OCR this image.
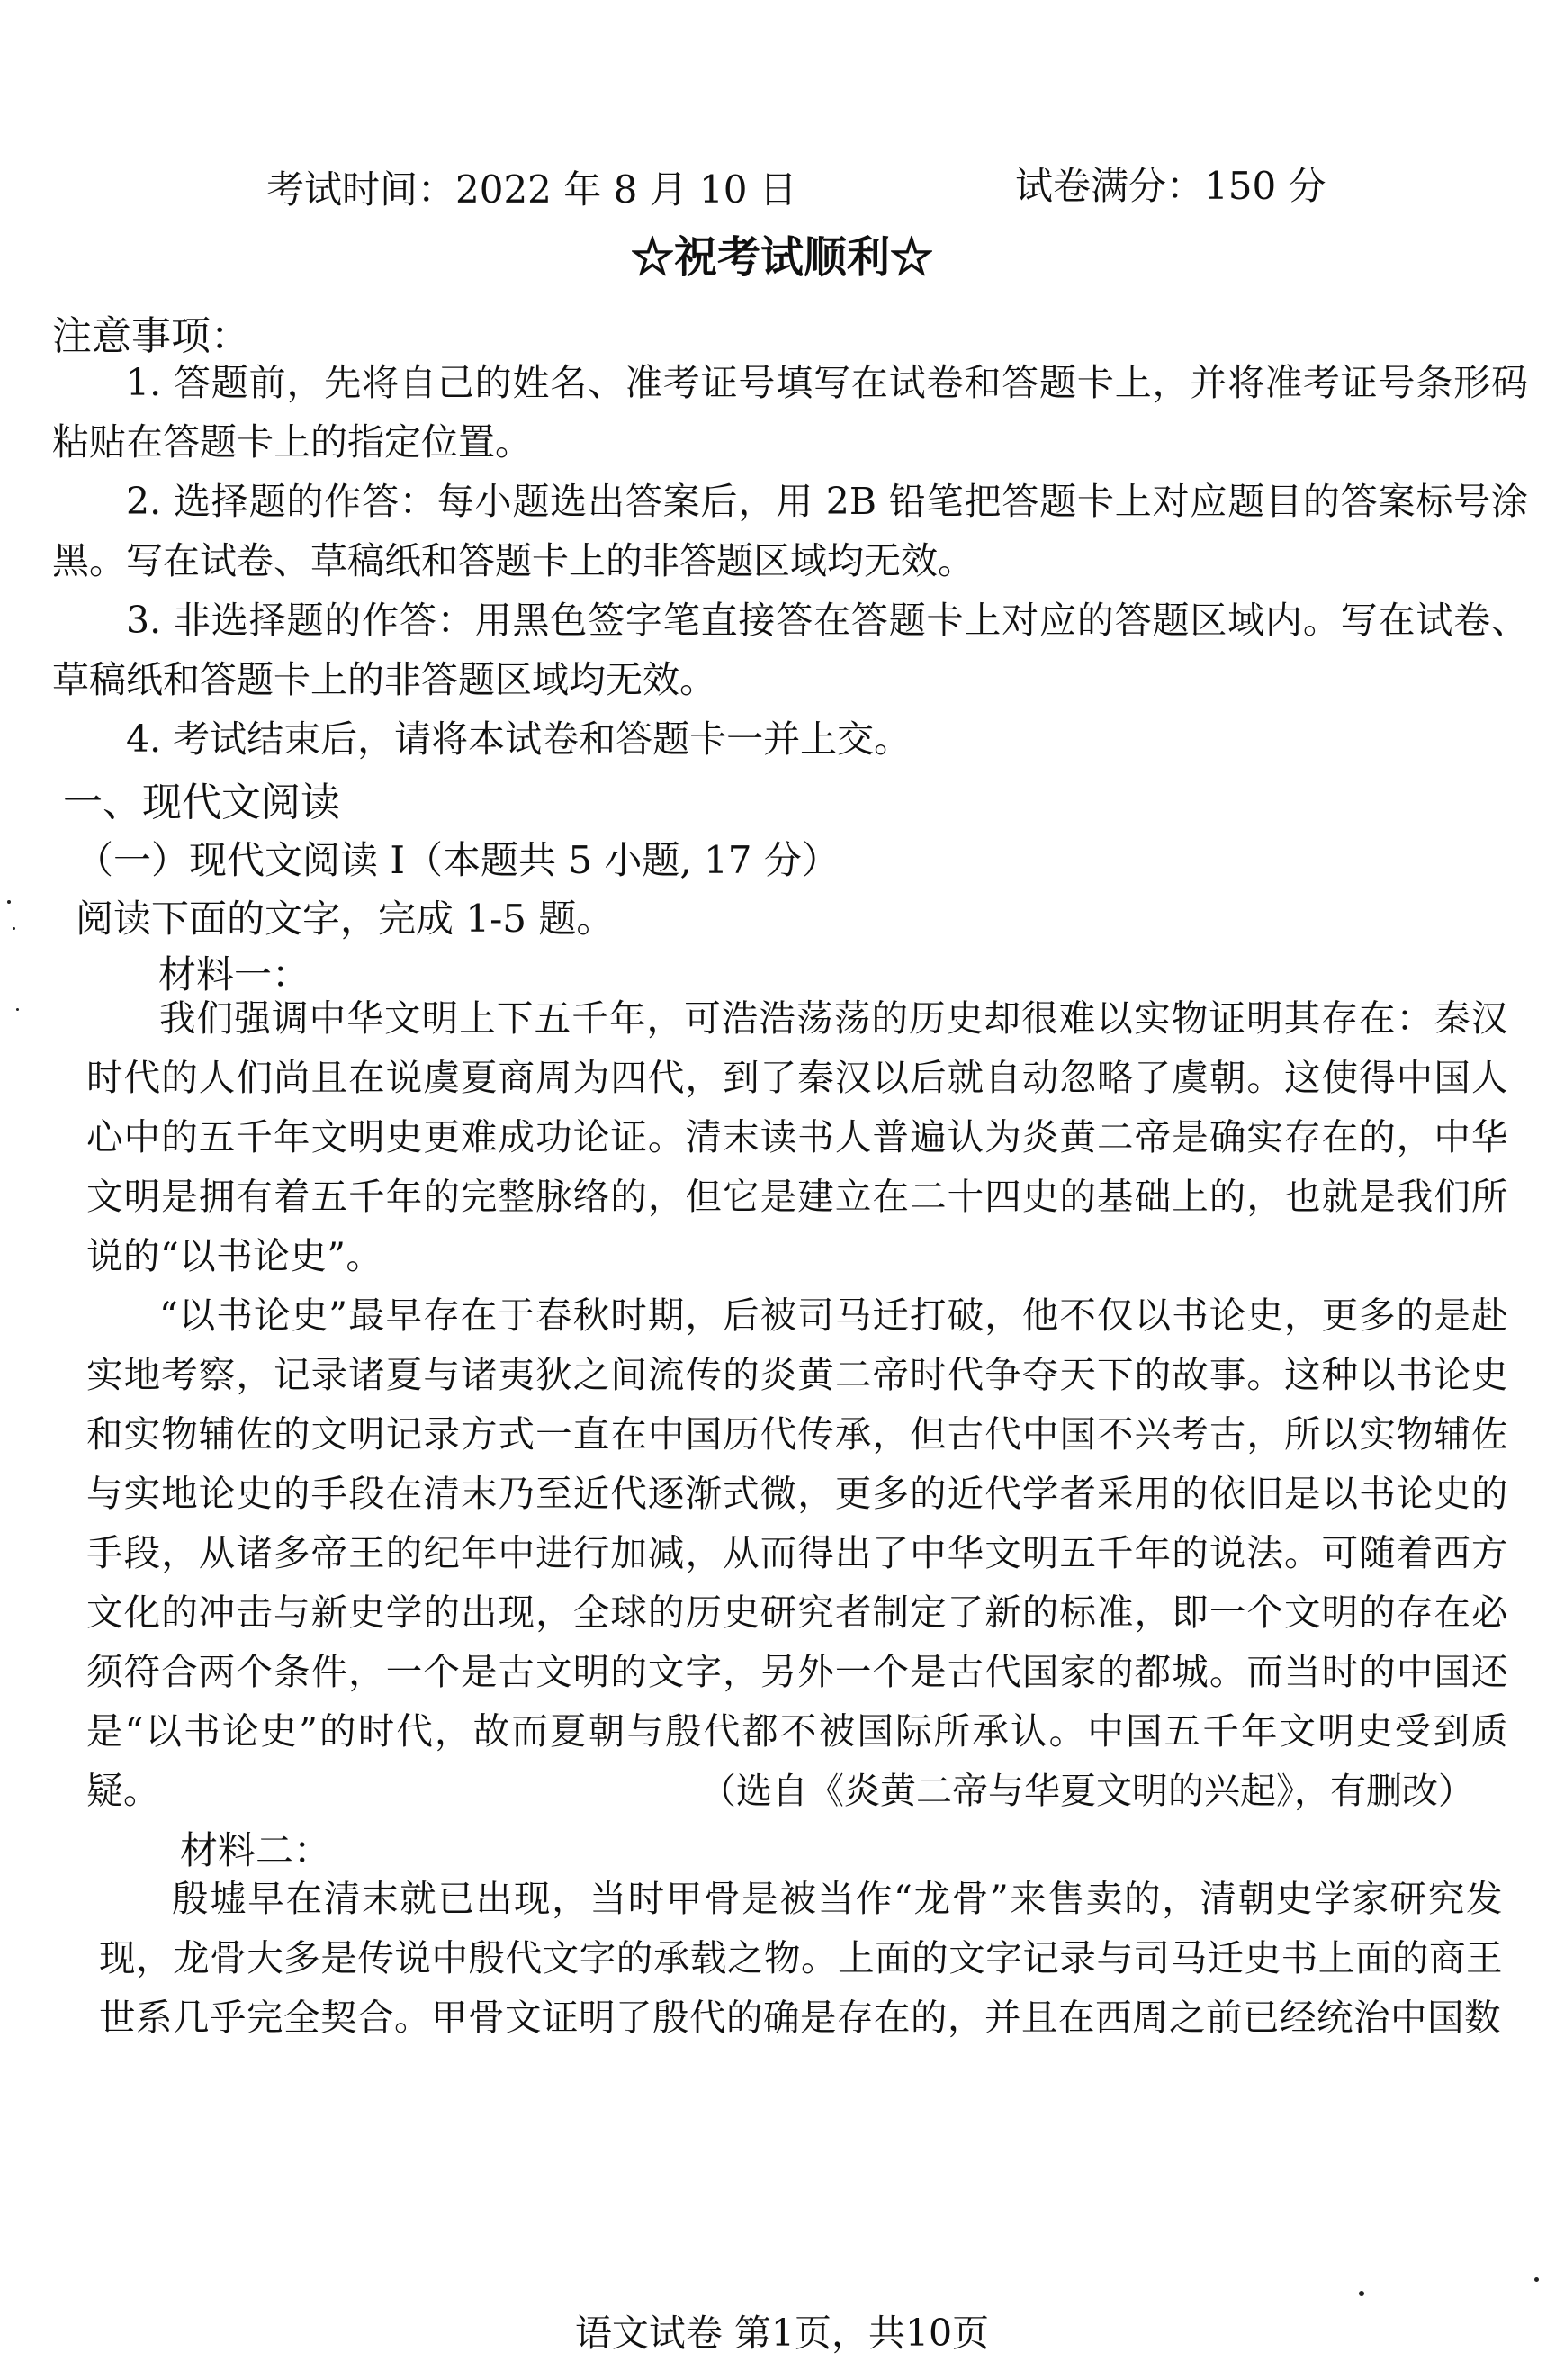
考试时间：2022 年 8 月 10 日	试卷满分：150 分
☆祝考试顺利☆
注意事项：
1. 答题前，先将自己的姓名、准考证号填写在试卷和答题卡上，并将准考证号条形码粘贴在答题卡上的指定位置。
2. 选择题的作答：每小题选出答案后，用 2B 铅笔把答题卡上对应题目的答案标号涂黑。写在试卷、草稿纸和答题卡上的非答题区域均无效。
3. 非选择题的作答：用黑色签字笔直接答在答题卡上对应的答题区域内。写在试卷、草稿纸和答题卡上的非答题区域均无效。
4. 考试结束后，请将本试卷和答题卡一并上交。
一、现代文阅读
（一）现代文阅读 I（本题共 5 小题, 17 分）
阅读下面的文字，完成 1-5 题。
材料一：
我们强调中华文明上下五千年，可浩浩荡荡的历史却很难以实物证明其存在：秦汉时代的人们尚且在说虞夏商周为四代，到了秦汉以后就自动忽略了虞朝。这使得中国人心中的五千年文明史更难成功论证。清末读书人普遍认为炎黄二帝是确实存在的，中华文明是拥有着五千年的完整脉络的，但它是建立在二十四史的基础上的，也就是我们所说的“以书论史”。
“以书论史”最早存在于春秋时期，后被司马迁打破，他不仅以书论史，更多的是赴实地考察，记录诸夏与诸夷狄之间流传的炎黄二帝时代争夺天下的故事。这种以书论史和实物辅佐的文明记录方式一直在中国历代传承，但古代中国不兴考古，所以实物辅佐与实地论史的手段在清末乃至近代逐渐式微，更多的近代学者采用的依旧是以书论史的手段，从诸多帝王的纪年中进行加减，从而得出了中华文明五千年的说法。可随着西方文化的冲击与新史学的出现，全球的历史研究者制定了新的标准，即一个文明的存在必须符合两个条件，一个是古文明的文字，另外一个是古代国家的都城。而当时的中国还是“以书论史”的时代，故而夏朝与殷代都不被国际所承认。中国五千年文明史受到质疑。	（选自《炎黄二帝与华夏文明的兴起》，有删改）
材料二：
殷墟早在清末就已出现，当时甲骨是被当作“龙骨”来售卖的，清朝史学家研究发现，龙骨大多是传说中殷代文字的承载之物。上面的文字记录与司马迁史书上面的商王世系几乎完全契合。甲骨文证明了殷代的确是存在的，并且在西周之前已经统治中国数
语文试卷 第1页，共10页
